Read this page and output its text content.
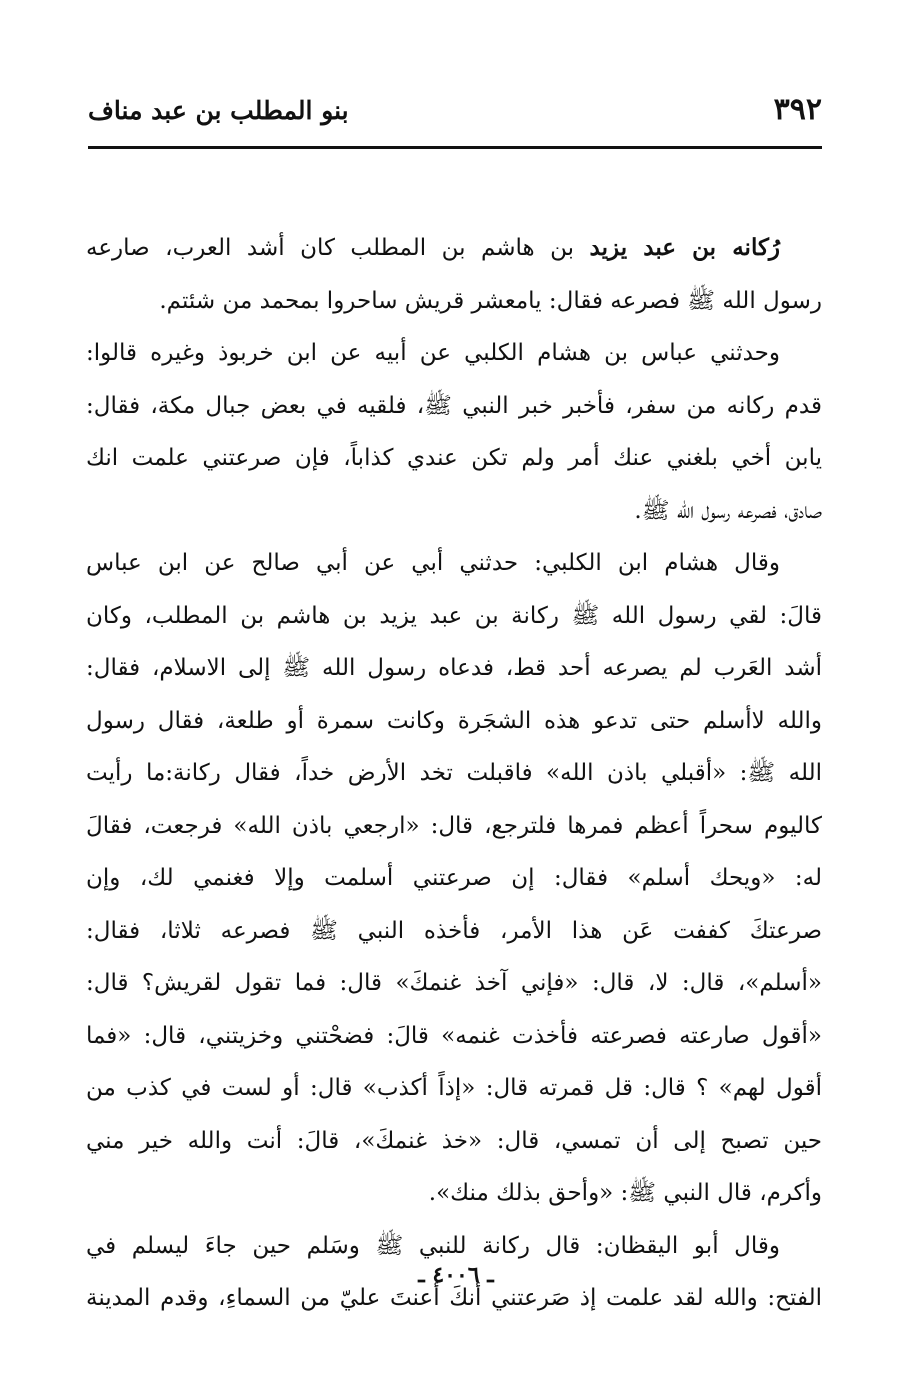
٣٩٢
بنو المطلب بن عبد مناف
رُكانه بن عبد يزيد بن هاشم بن المطلب كان أشد العرب، صارعه
رسول الله ﷺ فصرعه فقال: يامعشر قريش ساحروا بمحمد من شئتم.
وحدثني عباس بن هشام الكلبي عن أبيه عن ابن خربوذ وغيره قالوا:
قدم ركانه من سفر، فأخبر خبر النبي ﷺ، فلقيه في بعض جبال مكة، فقال:
يابن أخي بلغني عنك أمر ولم تكن عندي كذاباً، فإن صرعتني علمت انك
صادق، فصرعه رسول الله ﷺ.
وقال هشام ابن الكلبي: حدثني أبي عن أبي صالح عن ابن عباس
قالَ: لقي رسول الله ﷺ ركانة بن عبد يزيد بن هاشم بن المطلب، وكان
أشد العَرب لم يصرعه أحد قط، فدعاه رسول الله ﷺ إلى الاسلام، فقال:
والله لاأسلم حتى تدعو هذه الشجَرة وكانت سمرة أو طلعة، فقال رسول
الله ﷺ: «أقبلي باذن الله» فاقبلت تخد الأرض خداً، فقال ركانة:ما رأيت
كاليوم سحراً أعظم فمرها فلترجع، قال: «ارجعي باذن الله» فرجعت، فقالَ
له: «ويحك أسلم» فقال: إن صرعتني أسلمت وإلا فغنمي لك، وإن
صرعتكَ كففت عَن هذا الأمر، فأخذه النبي ﷺ فصرعه ثلاثا، فقال:
«أسلم»، قال: لا، قال: «فإني آخذ غنمكَ» قال: فما تقول لقريش؟ قال:
«أقول صارعته فصرعته فأخذت غنمه» قالَ: فضحْتني وخزيتني، قال: «فما
أقول لهم» ؟ قال: قل قمرته قال: «إذاً أكذب» قال: أو لست في كذب من
حين تصبح إلى أن تمسي، قال: «خذ غنمكَ»، قالَ: أنت والله خير مني
وأكرم، قال النبي ﷺ: «وأحق بذلك منك».
وقال أبو اليقظان: قال ركانة للنبي ﷺ وسَلم حين جاءَ ليسلم في
الفتح: والله لقد علمت إذ صَرعتني أنكَ أعنتَ عليّ من السماءِ، وقدم المدينة
ـ ٤٠٠٦ ـ
